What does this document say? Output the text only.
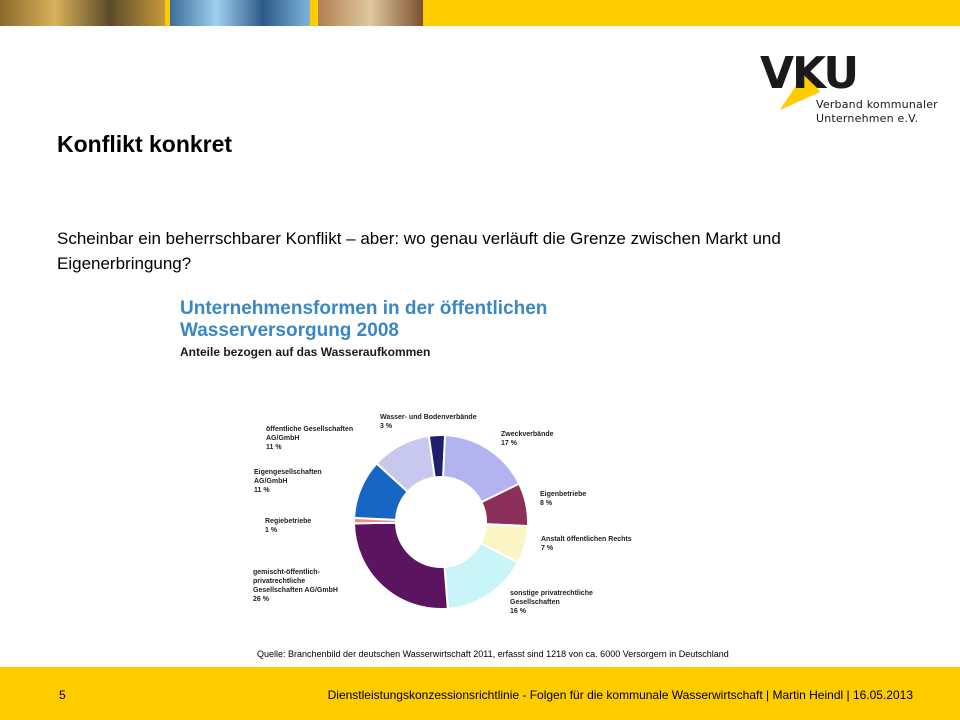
VKU
Verband kommunaler
Unternehmen e.V.
Konflikt konkret

Scheinbar ein beherrschbarer Konflikt – aber: wo genau verläuft die Grenze zwischen Markt und Eigenerbringung?

Unternehmensformen in der öffentlichen
Wasserversorgung 2008
Anteile bezogen auf das Wasseraufkommen
Wasser- und Bodenverbände
3 %
Zweckverbände
17 %
Eigenbetriebe
8 %
Anstalt öffentlichen Rechts
7 %
sonstige privatrechtliche
Gesellschaften
16 %
gemischt-öffentlich-
privatrechtliche
Gesellschaften AG/GmbH
26 %
Regiebetriebe
1 %
Eigengesellschaften
AG/GmbH
11 %
öffentliche Gesellschaften
AG/GmbH
11 %
Quelle: Branchenbild der deutschen Wasserwirtschaft 2011, erfasst sind 1218 von ca. 6000 Versorgern in Deutschland
5	Dienstleistungskonzessionsrichtlinie - Folgen für die kommunale Wasserwirtschaft | Martin Heindl | 16.05.2013
